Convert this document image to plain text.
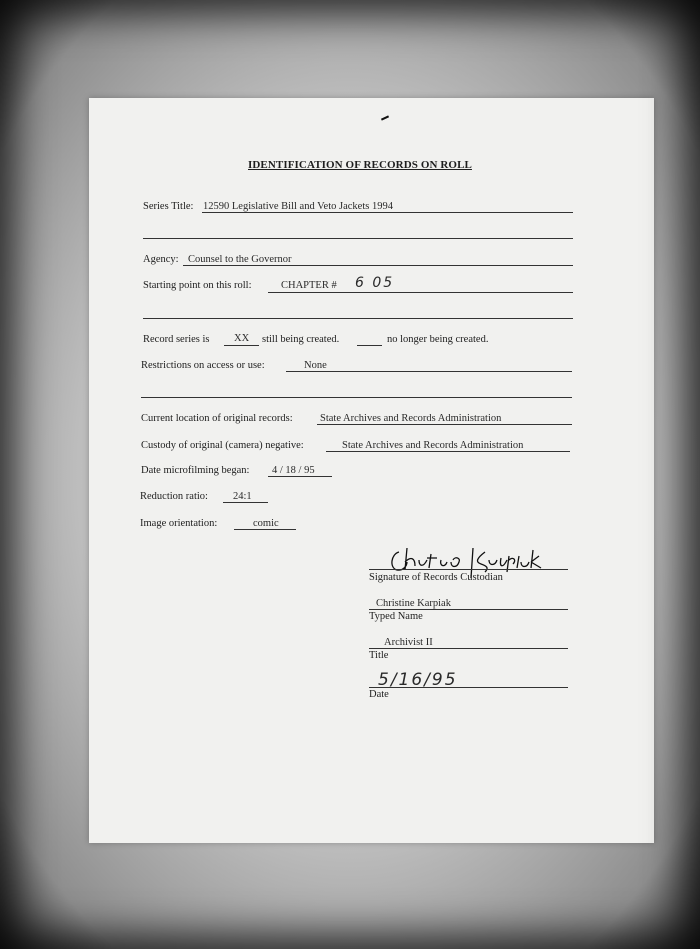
IDENTIFICATION OF RECORDS ON ROLL
Series Title: 12590 Legislative Bill and Veto Jackets 1994
Agency: Counsel to the Governor
Starting point on this roll:	CHAPTER # 6 05
Record series is XX still being created.	no longer being created.
Restrictions on access or use:	None
Current location of original records:	State Archives and Records Administration
Custody of original (camera) negative:	State Archives and Records Administration
Date microfilming began: 4 / 18 / 95
Reduction ratio: 24:1
Image orientation:	comic
Signature of Records Custodian
Christine Karpiak
Typed Name
Archivist II
Title
5/16/95
Date
